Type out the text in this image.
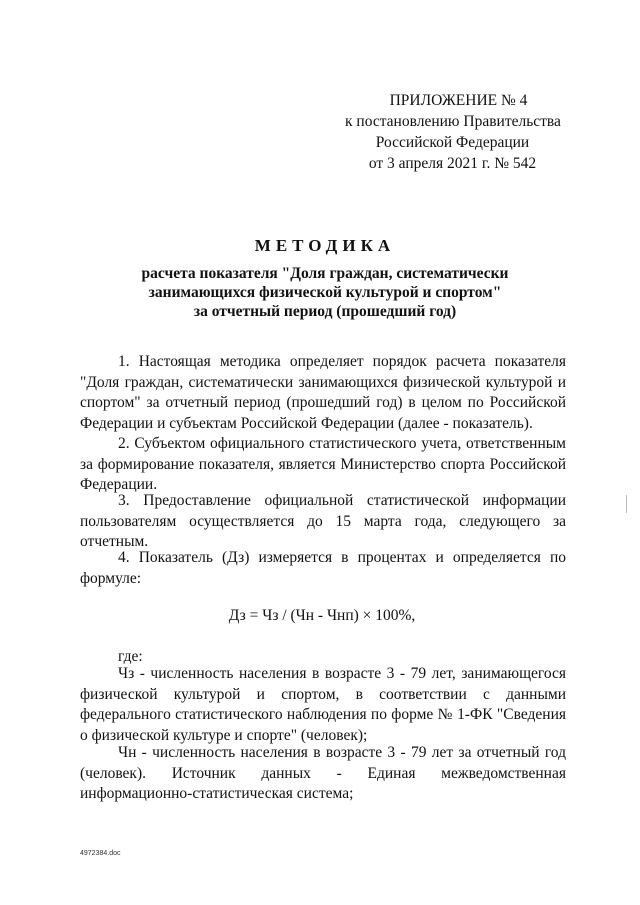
ПРИЛОЖЕНИЕ № 4
к постановлению Правительства
Российской Федерации
от 3 апреля 2021 г. № 542
МЕТОДИКА
расчета показателя "Доля граждан, систематически
занимающихся физической культурой и спортом"
за отчетный период (прошедший год)

1. Настоящая методика определяет порядок расчета показателя "Доля граждан, систематически занимающихся физической культурой и спортом" за отчетный период (прошедший год) в целом по Российской Федерации и субъектам Российской Федерации (далее - показатель).

2. Субъектом официального статистического учета, ответственным за формирование показателя, является Министерство спорта Российской Федерации.

3. Предоставление официальной статистической информации пользователям осуществляется до 15 марта года, следующего за отчетным.

4. Показатель (Дз) измеряется в процентах и определяется по формуле:

Дз = Чз / (Чн - Чнп) × 100%,
где:

Чз - численность населения в возрасте 3 - 79 лет, занимающегося физической культурой и спортом, в соответствии с данными федерального статистического наблюдения по форме № 1-ФК "Сведения о физической культуре и спорте" (человек);

Чн - численность населения в возрасте 3 - 79 лет за отчетный год (человек). Источник данных - Единая межведомственная информационно-статистическая система;

4972384.doc
